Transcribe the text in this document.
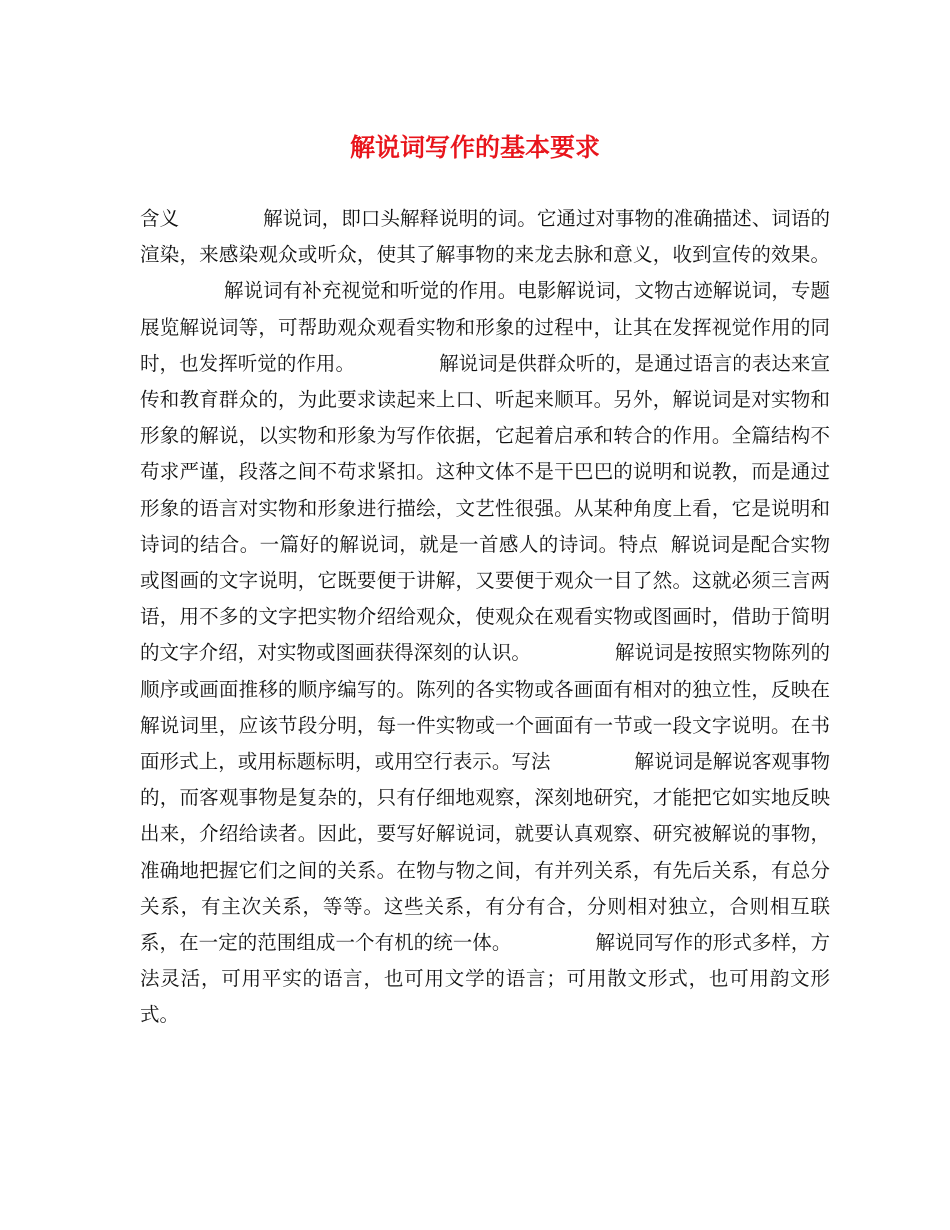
解说词写作的基本要求

含义	解说词，即口头解释说明的词。它通过对事物的准确描述、词语的渲染，来感染观众或听众，使其了解事物的来龙去脉和意义，收到宣传的效果。解说词有补充视觉和听觉的作用。电影解说词，文物古迹解说词，专题展览解说词等，可帮助观众观看实物和形象的过程中，让其在发挥视觉作用的同时，也发挥听觉的作用。	解说词是供群众听的，是通过语言的表达来宣传和教育群众的，为此要求读起来上口、听起来顺耳。另外，解说词是对实物和形象的解说，以实物和形象为写作依据，它起着启承和转合的作用。全篇结构不苟求严谨，段落之间不苟求紧扣。这种文体不是干巴巴的说明和说教，而是通过形象的语言对实物和形象进行描绘，文艺性很强。从某种角度上看，它是说明和诗词的结合。一篇好的解说词，就是一首感人的诗词。特点 解说词是配合实物或图画的文字说明，它既要便于讲解，又要便于观众一目了然。这就必须三言两语，用不多的文字把实物介绍给观众，使观众在观看实物或图画时，借助于简明的文字介绍，对实物或图画获得深刻的认识。	解说词是按照实物陈列的顺序或画面推移的顺序编写的。陈列的各实物或各画面有相对的独立性，反映在解说词里，应该节段分明，每一件实物或一个画面有一节或一段文字说明。在书面形式上，或用标题标明，或用空行表示。写法	解说词是解说客观事物的，而客观事物是复杂的，只有仔细地观察，深刻地研究，才能把它如实地反映出来，介绍给读者。因此，要写好解说词，就要认真观察、研究被解说的事物，准确地把握它们之间的关系。在物与物之间，有并列关系，有先后关系，有总分关系，有主次关系，等等。这些关系，有分有合，分则相对独立，合则相互联系，在一定的范围组成一个有机的统一体。	解说同写作的形式多样，方法灵活，可用平实的语言，也可用文学的语言；可用散文形式，也可用韵文形式。
